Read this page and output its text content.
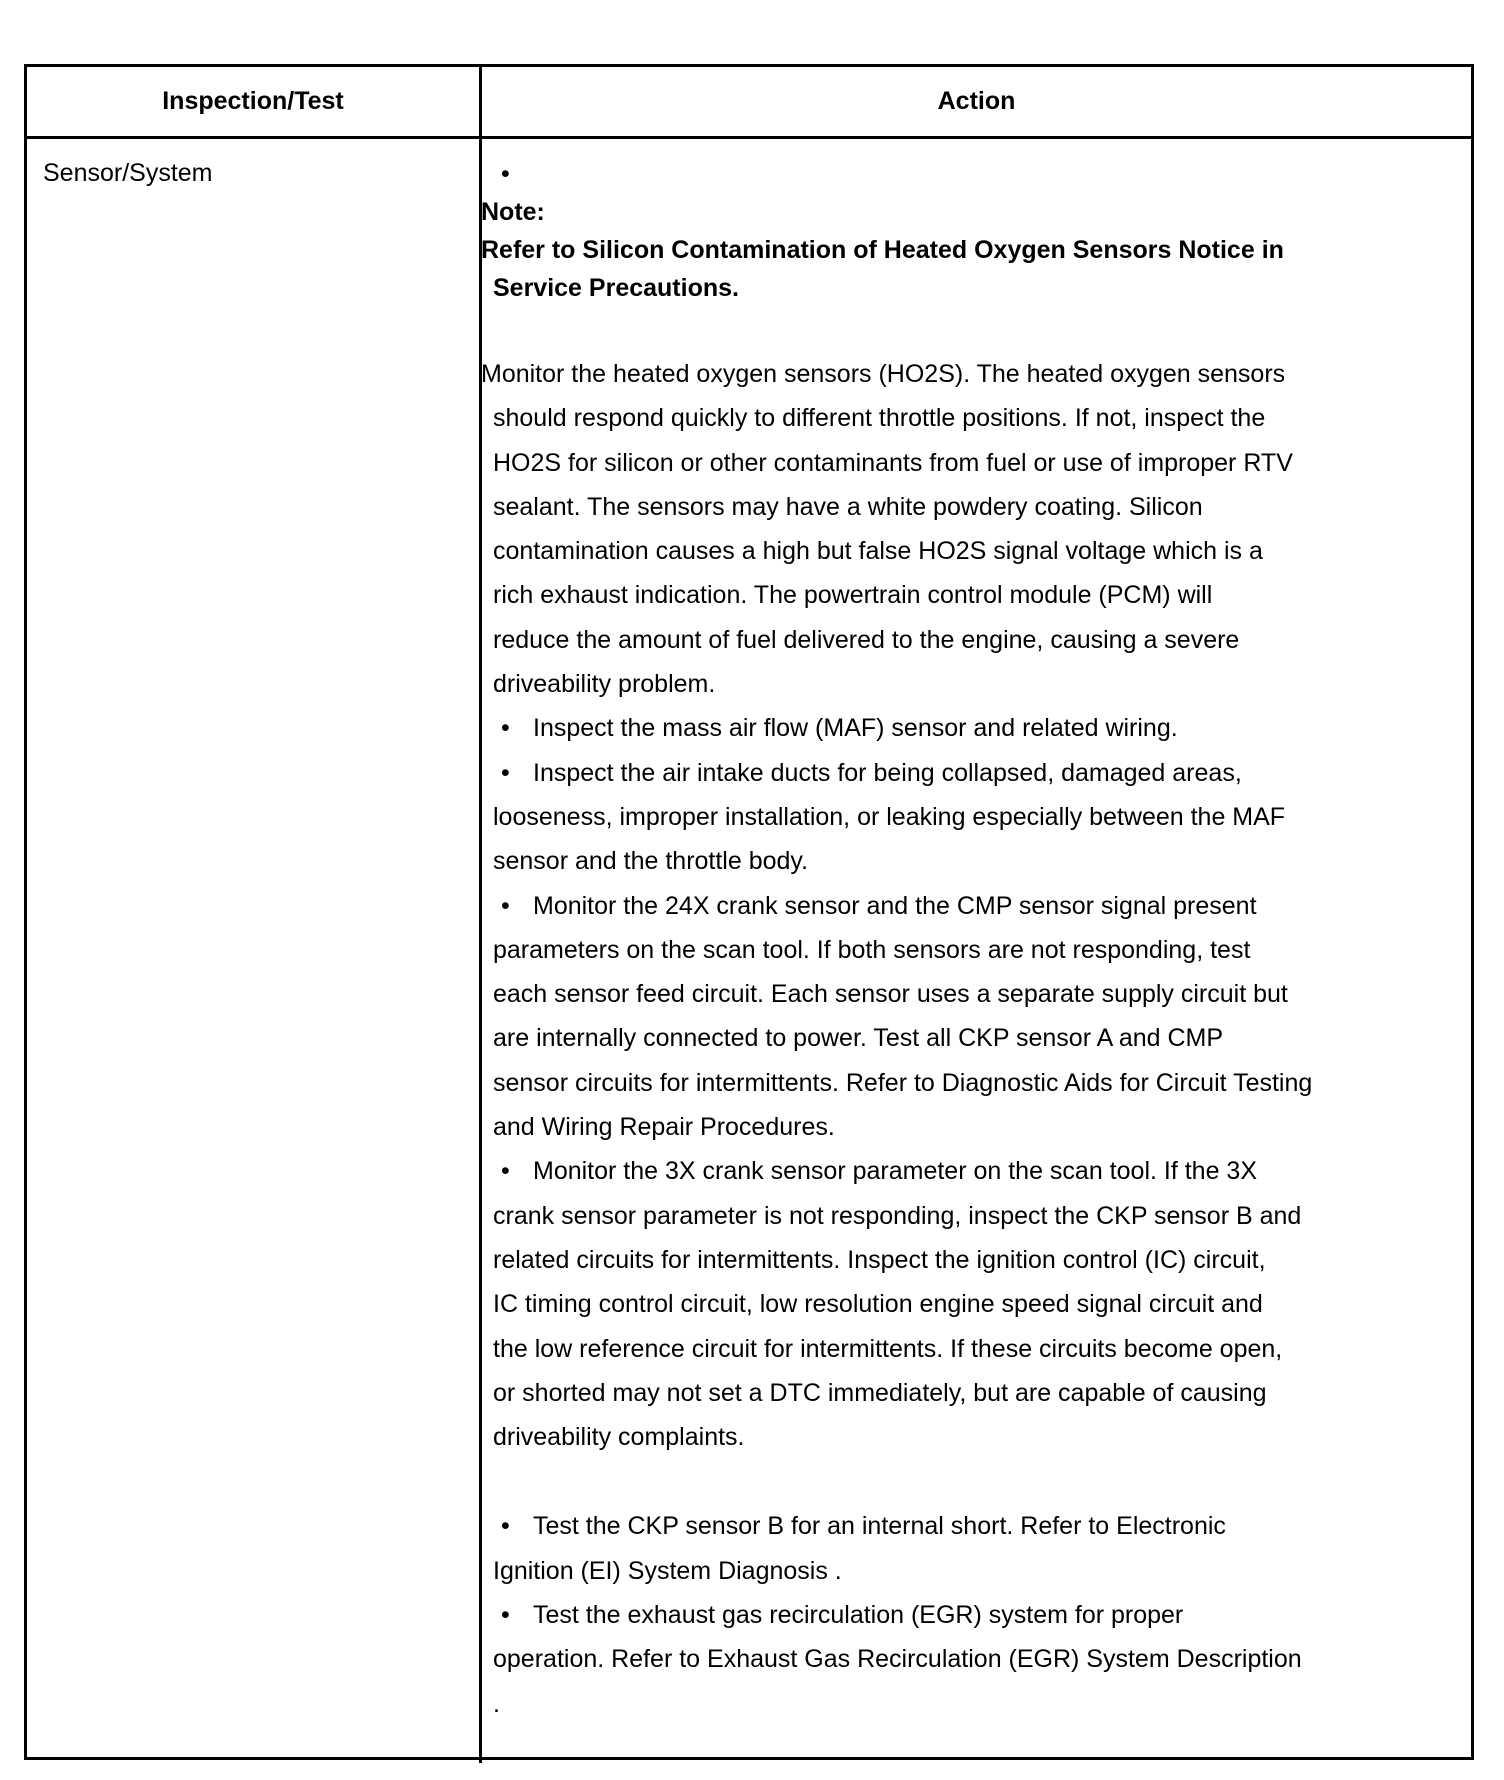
Inspection/Test	Action
Sensor/System	•
Note:
Refer to Silicon Contamination of Heated Oxygen Sensors Notice in
Service Precautions.
Monitor the heated oxygen sensors (HO2S). The heated oxygen sensors
should respond quickly to different throttle positions. If not, inspect the
HO2S for silicon or other contaminants from fuel or use of improper RTV
sealant. The sensors may have a white powdery coating. Silicon
contamination causes a high but false HO2S signal voltage which is a
rich exhaust indication. The powertrain control module (PCM) will
reduce the amount of fuel delivered to the engine, causing a severe
driveability problem.
• Inspect the mass air flow (MAF) sensor and related wiring.
• Inspect the air intake ducts for being collapsed, damaged areas,
looseness, improper installation, or leaking especially between the MAF
sensor and the throttle body.
• Monitor the 24X crank sensor and the CMP sensor signal present
parameters on the scan tool. If both sensors are not responding, test
each sensor feed circuit. Each sensor uses a separate supply circuit but
are internally connected to power. Test all CKP sensor A and CMP
sensor circuits for intermittents. Refer to Diagnostic Aids for Circuit Testing
and Wiring Repair Procedures.
• Monitor the 3X crank sensor parameter on the scan tool. If the 3X
crank sensor parameter is not responding, inspect the CKP sensor B and
related circuits for intermittents. Inspect the ignition control (IC) circuit,
IC timing control circuit, low resolution engine speed signal circuit and
the low reference circuit for intermittents. If these circuits become open,
or shorted may not set a DTC immediately, but are capable of causing
driveability complaints.
• Test the CKP sensor B for an internal short. Refer to Electronic
Ignition (EI) System Diagnosis .
• Test the exhaust gas recirculation (EGR) system for proper
operation. Refer to Exhaust Gas Recirculation (EGR) System Description
.
